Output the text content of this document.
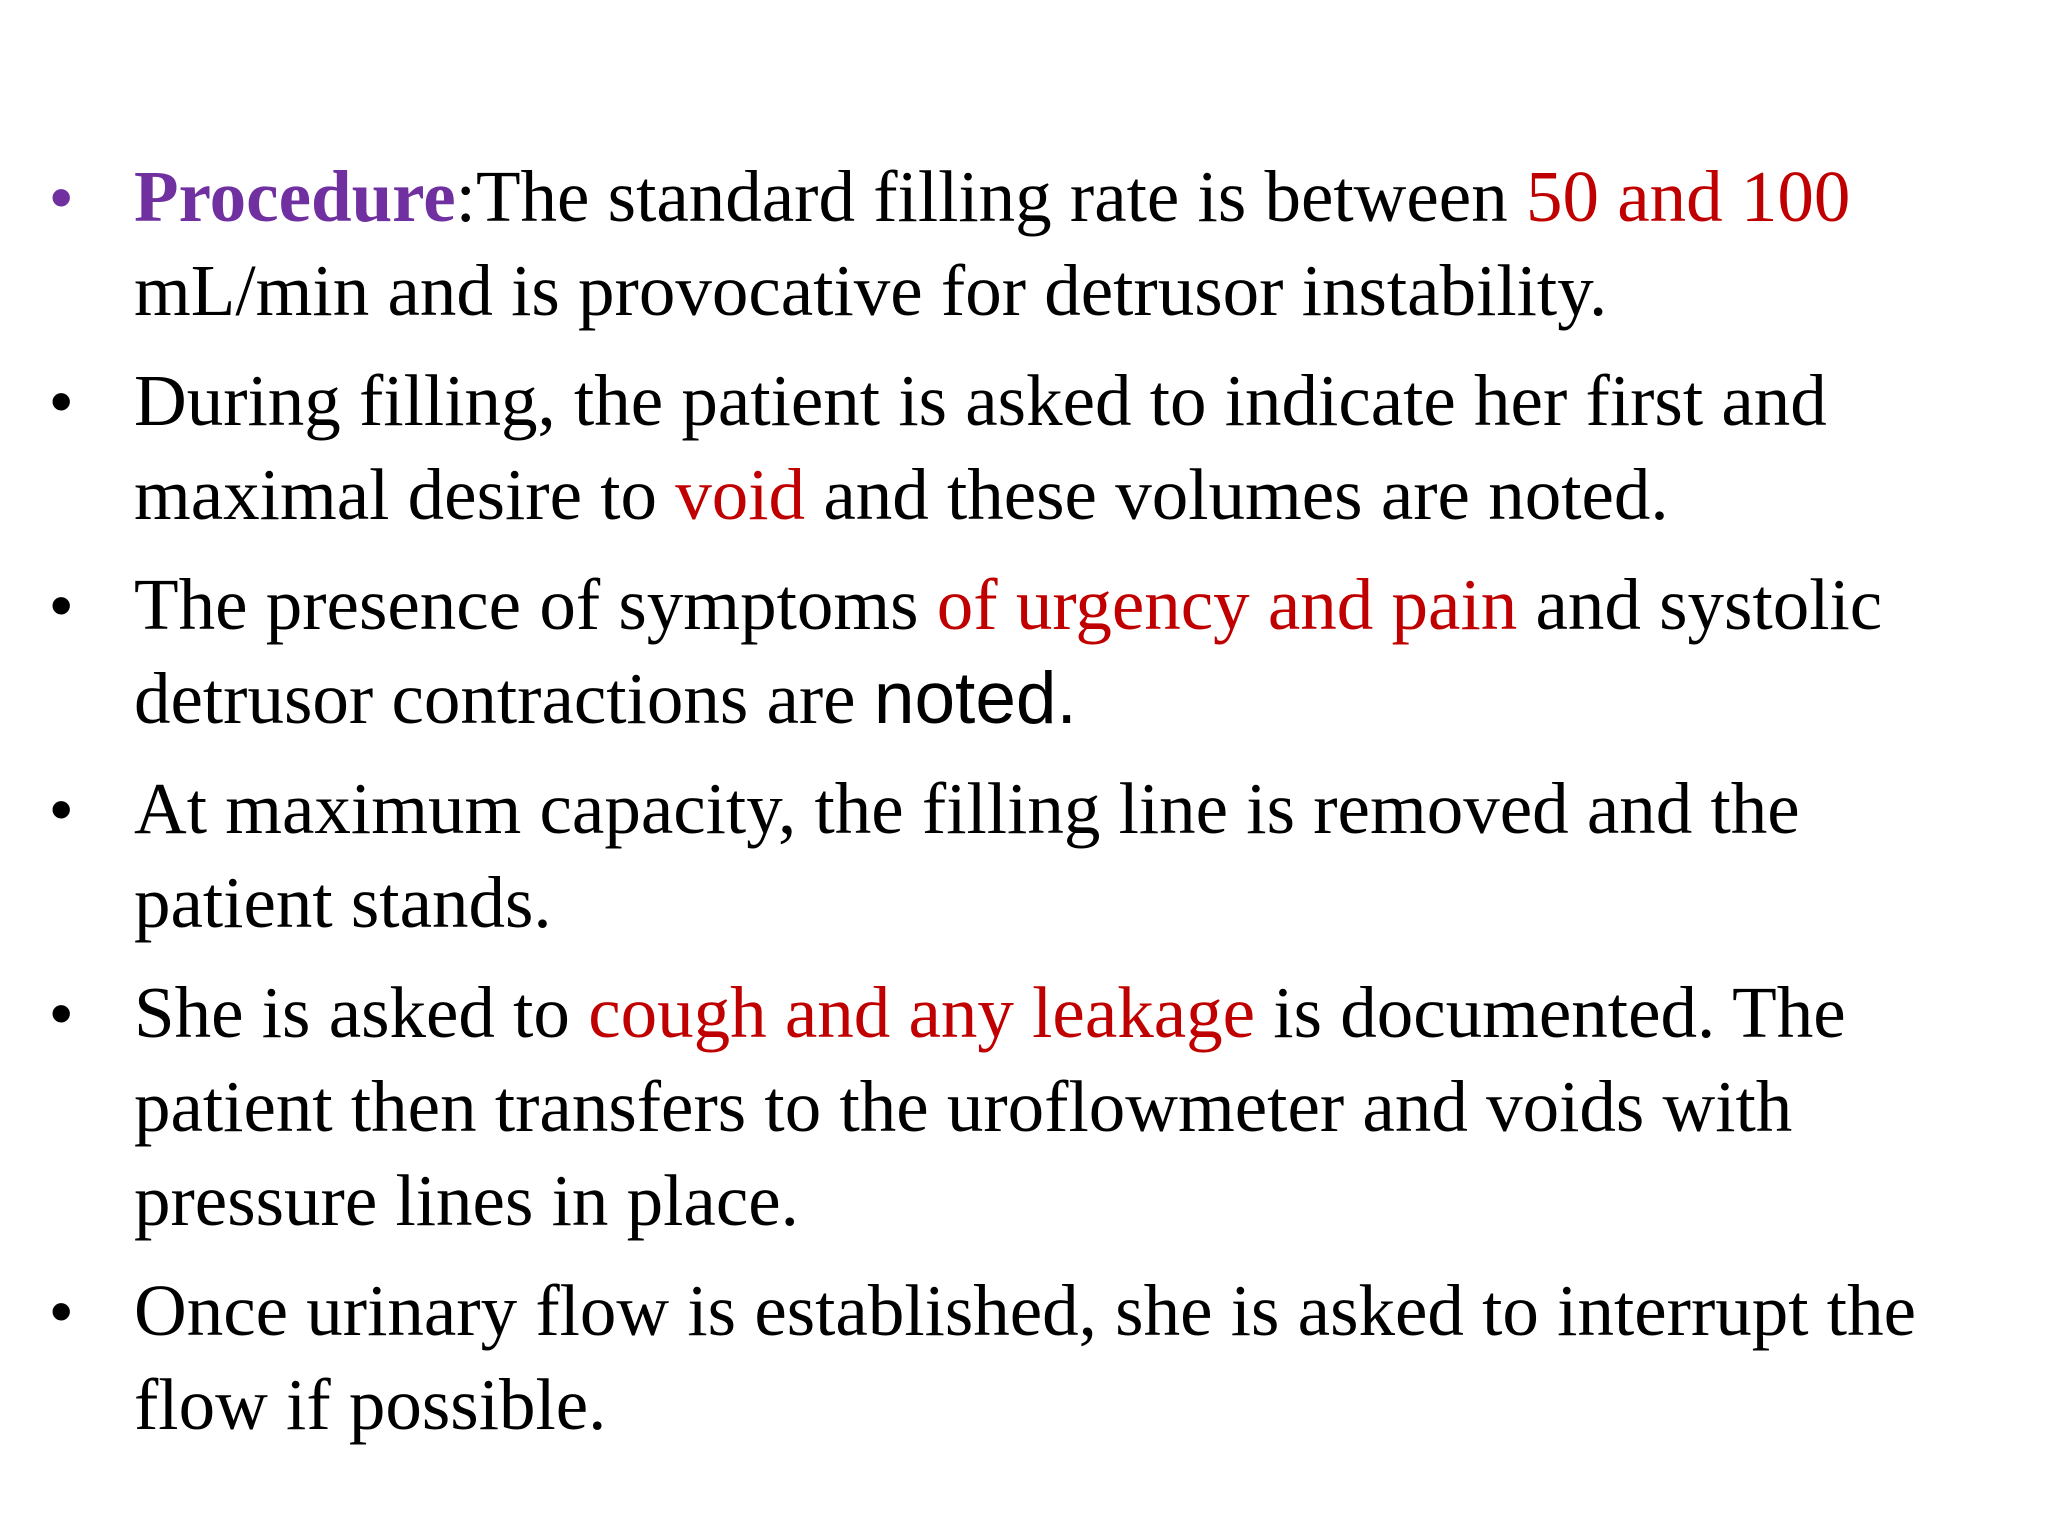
• Procedure:The standard filling rate is between 50 and 100 mL/min and is provocative for detrusor instability.
• During filling, the patient is asked to indicate her first and maximal desire to void and these volumes are noted.
• The presence of symptoms of urgency and pain and systolic detrusor contractions are noted.
• At maximum capacity, the filling line is removed and the patient stands.
• She is asked to cough and any leakage is documented. The patient then transfers to the uroflowmeter and voids with pressure lines in place.
• Once urinary flow is established, she is asked to interrupt the flow if possible.
